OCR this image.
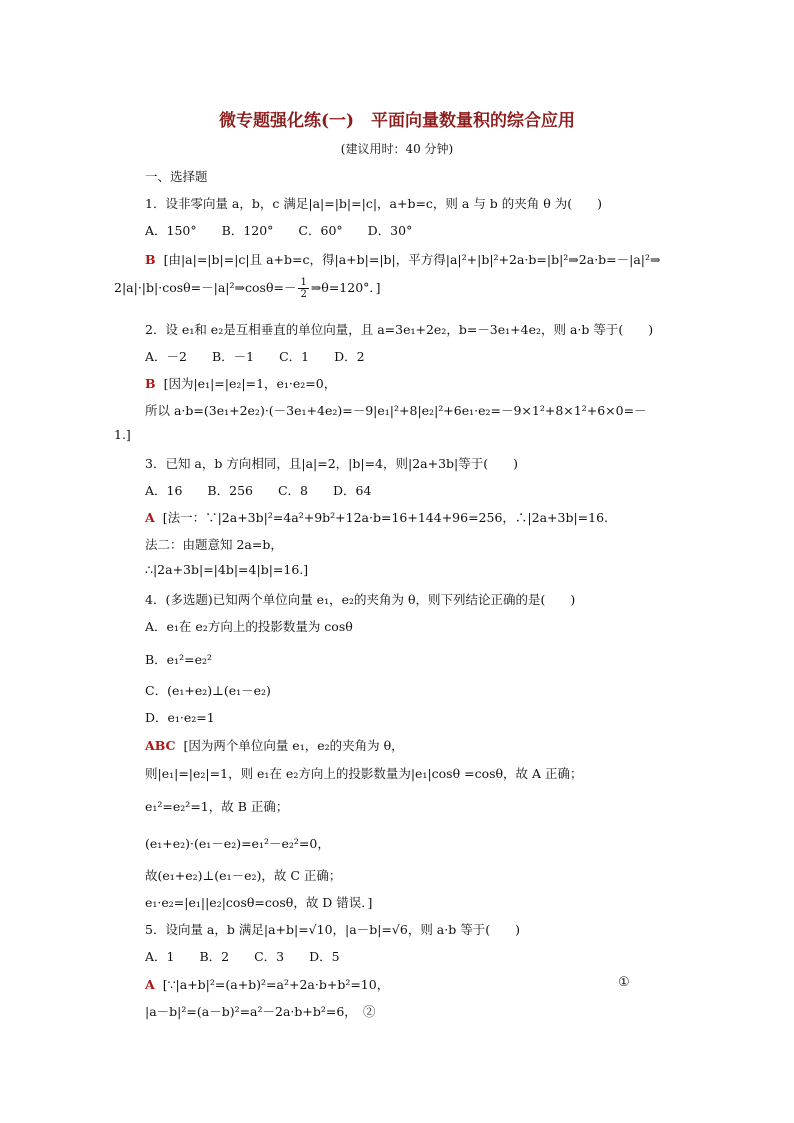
微专题强化练(一)　平面向量数量积的综合应用
(建议用时：40 分钟)
一、选择题
1．设非零向量 a，b，c 满足|a|=|b|=|c|，a+b=c，则 a 与 b 的夹角 θ 为(　　)
A．150°　　B．120°　　C．60°　　D．30°
B [由|a|=|b|=|c|且 a+b=c，得|a+b|=|b|，平方得|a|²+|b|²+2a·b=|b|²⇒2a·b=－|a|²⇒
2|a|·|b|·cosθ=－|a|²⇒cosθ=－ $\frac{1}{2}$ ⇒θ=120°．]
2．设 e₁和 e₂是互相垂直的单位向量，且 a=3e₁+2e₂，b=－3e₁+4e₂，则 a·b 等于(　　)
A．－2　　B．－1　　C．1　　D．2
B [因为|e₁|=|e₂|=1，e₁·e₂=0，
所以 a·b=(3e₁+2e₂)·(－3e₁+4e₂)=－9|e₁|²+8|e₂|²+6e₁·e₂=－9×1²+8×1²+6×0=－
1.]
3．已知 a，b 方向相同，且|a|=2，|b|=4，则|2a+3b|等于(　　)
A．16　　B．256　　C．8　　D．64
A [法一：∵|2a+3b|²=4a²+9b²+12a·b=16+144+96=256，∴|2a+3b|=16.
法二：由题意知 2a=b，
∴|2a+3b|=|4b|=4|b|=16.]
4．(多选题)已知两个单位向量 e₁，e₂的夹角为 θ，则下列结论正确的是(　　)
A．e₁在 e₂方向上的投影数量为 cosθ
B．e₁²=e₂²
C．(e₁+e₂)⊥(e₁－e₂)
D．e₁·e₂=1
ABC [因为两个单位向量 e₁，e₂的夹角为 θ，
则|e₁|=|e₂|=1，则 e₁在 e₂方向上的投影数量为|e₁|cosθ =cosθ，故 A 正确；
e₁²=e₂²=1，故 B 正确；
(e₁+e₂)·(e₁－e₂)=e₁²－e₂²=0，
故(e₁+e₂)⊥(e₁－e₂)，故 C 正确；
e₁·e₂=|e₁||e₂|cosθ=cosθ，故 D 错误．]
5．设向量 a，b 满足|a+b|=√10，|a－b|=√6，则 a·b 等于(　　)
A．1　　B．2　　C．3　　D．5
A [∵|a+b|²=(a+b)²=a²+2a·b+b²=10，	①
|a－b|²=(a－b)²=a²－2a·b+b²=6，　②
